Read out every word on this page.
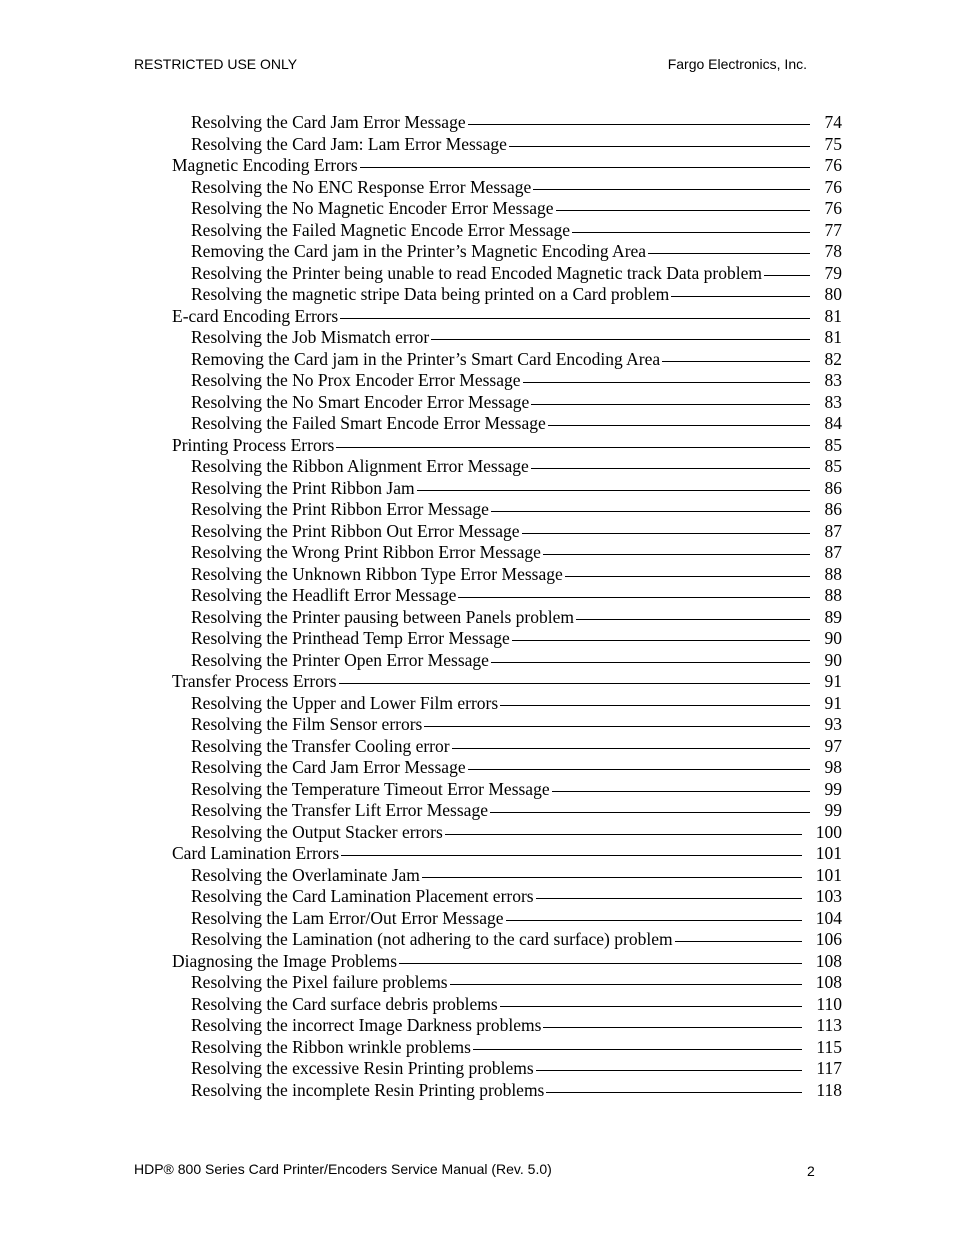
RESTRICTED USE ONLY	Fargo Electronics, Inc.
Resolving the Card Jam Error Message	74
Resolving the Card Jam: Lam Error Message	75
Magnetic Encoding Errors	76
Resolving the No ENC Response Error Message	76
Resolving the No Magnetic Encoder Error Message	76
Resolving the Failed Magnetic Encode Error Message	77
Removing the Card jam in the Printer’s Magnetic Encoding Area	78
Resolving the Printer being unable to read Encoded Magnetic track Data problem	79
Resolving the magnetic stripe Data being printed on a Card problem	80
E-card Encoding Errors	81
Resolving the Job Mismatch error	81
Removing the Card jam in the Printer’s Smart Card Encoding Area	82
Resolving the No Prox Encoder Error Message	83
Resolving the No Smart Encoder Error Message	83
Resolving the Failed Smart Encode Error Message	84
Printing Process Errors	85
Resolving the Ribbon Alignment Error Message	85
Resolving the Print Ribbon Jam	86
Resolving the Print Ribbon Error Message	86
Resolving the Print Ribbon Out Error Message	87
Resolving the Wrong Print Ribbon Error Message	87
Resolving the Unknown Ribbon Type Error Message	88
Resolving the Headlift Error Message	88
Resolving the Printer pausing between Panels problem	89
Resolving the Printhead Temp Error Message	90
Resolving the Printer Open Error Message	90
Transfer Process Errors	91
Resolving the Upper and Lower Film errors	91
Resolving the Film Sensor errors	93
Resolving the Transfer Cooling error	97
Resolving the Card Jam Error Message	98
Resolving the Temperature Timeout Error Message	99
Resolving the Transfer Lift Error Message	99
Resolving the Output Stacker errors	100
Card Lamination Errors	101
Resolving the Overlaminate Jam	101
Resolving the Card Lamination Placement errors	103
Resolving the Lam Error/Out Error Message	104
Resolving the Lamination (not adhering to the card surface) problem	106
Diagnosing the Image Problems	108
Resolving the Pixel failure problems	108
Resolving the Card surface debris problems	110
Resolving the incorrect Image Darkness problems	113
Resolving the Ribbon wrinkle problems	115
Resolving the excessive Resin Printing problems	117
Resolving the incomplete Resin Printing problems	118
HDP® 800 Series Card Printer/Encoders Service Manual (Rev. 5.0)	2
